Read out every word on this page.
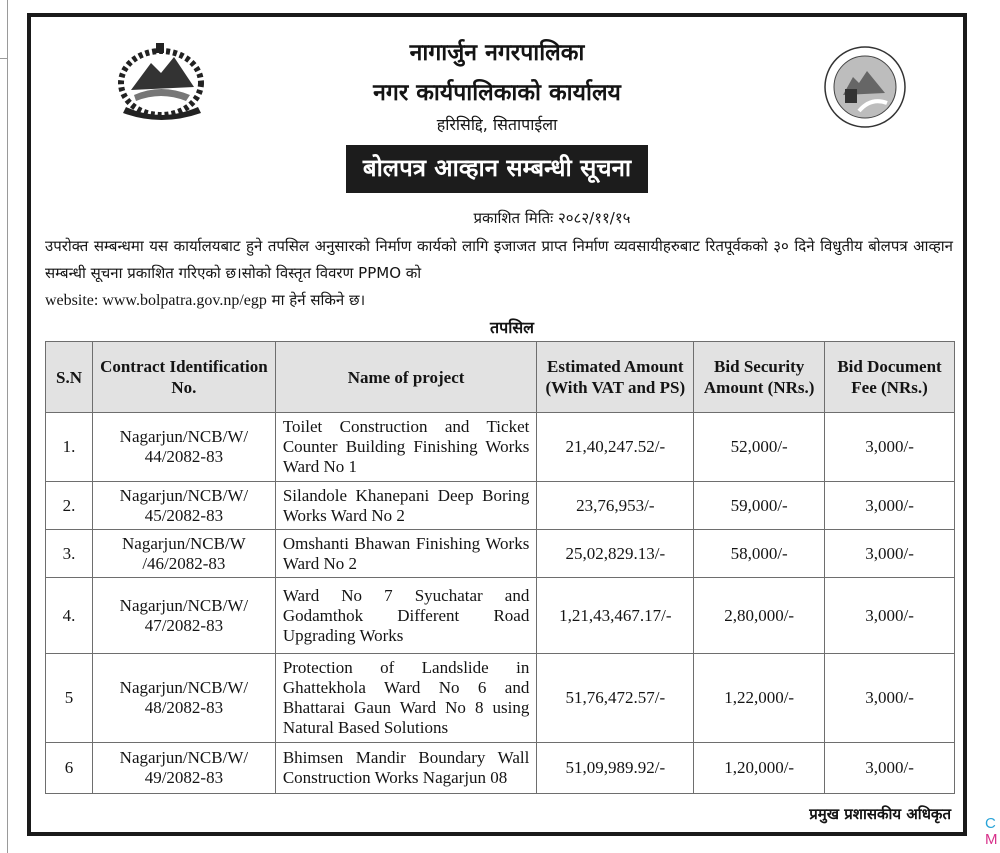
नागार्जुन नगरपालिका
नगर कार्यपालिकाको कार्यालय
हरिसिद्दि, सितापाईला
बोलपत्र आव्हान सम्बन्धी सूचना
प्रकाशित मितिः २०८२/११/१५
उपरोक्त सम्बन्धमा यस कार्यालयबाट हुने तपसिल अनुसारको निर्माण कार्यको लागि इजाजत प्राप्त निर्माण व्यवसायीहरुबाट रितपूर्वकको ३० दिने विधुतीय बोलपत्र आव्हान सम्बन्धी सूचना प्रकाशित गरिएको छ।सोको विस्तृत विवरण PPMO को
website: www.bolpatra.gov.np/egp मा हेर्न सकिने छ।
तपसिल
S.N	Contract Identification No.	Name of project	Estimated Amount (With VAT and PS)	Bid Security Amount (NRs.)	Bid Document Fee (NRs.)
1.	Nagarjun/NCB/W/ 44/2082-83	Toilet Construction and Ticket Counter Building Finishing Works Ward No 1	21,40,247.52/-	52,000/-	3,000/-
2.	Nagarjun/NCB/W/ 45/2082-83	Silandole Khanepani Deep Boring Works Ward No 2	23,76,953/-	59,000/-	3,000/-
3.	Nagarjun/NCB/W /46/2082-83	Omshanti Bhawan Finishing Works Ward No 2	25,02,829.13/-	58,000/-	3,000/-
4.	Nagarjun/NCB/W/ 47/2082-83	Ward No 7 Syuchatar and Godamthok Different Road Upgrading Works	1,21,43,467.17/-	2,80,000/-	3,000/-
5	Nagarjun/NCB/W/ 48/2082-83	Protection of Landslide in Ghattekhola Ward No 6 and Bhattarai Gaun Ward No 8 using Natural Based Solutions	51,76,472.57/-	1,22,000/-	3,000/-
6	Nagarjun/NCB/W/ 49/2082-83	Bhimsen Mandir Boundary Wall Construction Works Nagarjun 08	51,09,989.92/-	1,20,000/-	3,000/-
प्रमुख प्रशासकीय अधिकृत
C
M
